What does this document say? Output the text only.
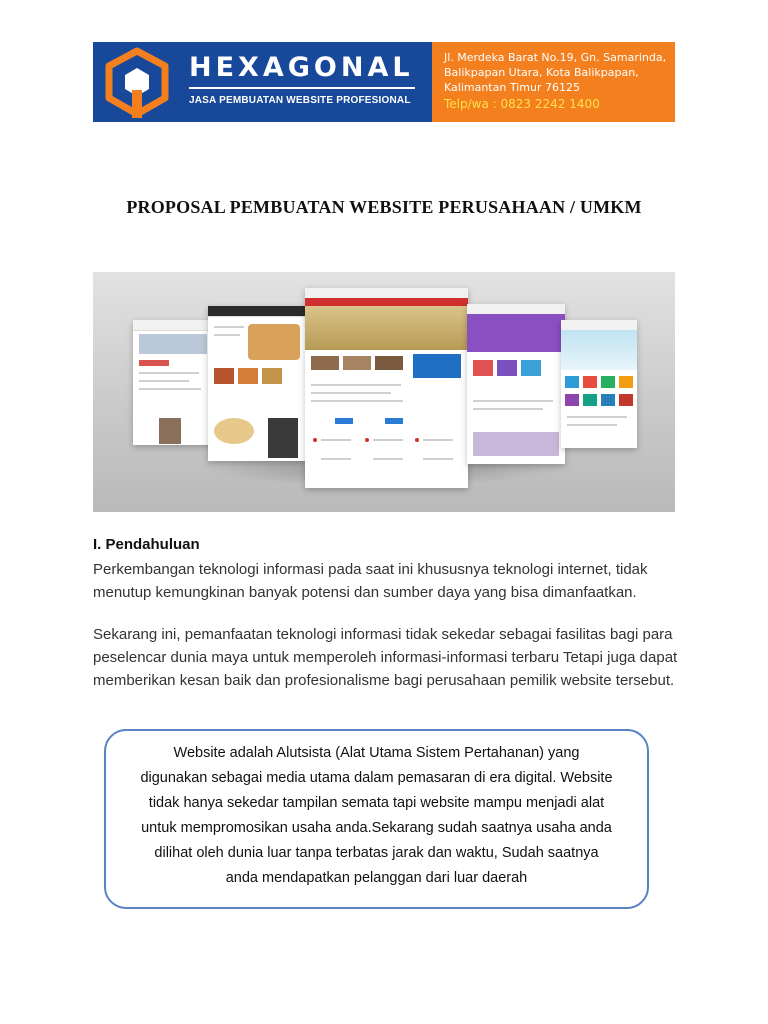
HEXAGONAL
JASA PEMBUATAN WEBSITE PROFESIONAL
Jl. Merdeka Barat No.19, Gn. Samarinda,
Balikpapan Utara, Kota Balikpapan,
Kalimantan Timur 76125
Telp/wa : 0823 2242 1400
PROPOSAL PEMBUATAN WEBSITE PERUSAHAAN / UMKM
I. Pendahuluan

Perkembangan teknologi informasi pada saat ini khususnya teknologi internet, tidak menutup kemungkinan banyak potensi dan sumber daya yang bisa dimanfaatkan.

Sekarang ini, pemanfaatan teknologi informasi tidak sekedar sebagai fasilitas bagi para peselencar dunia maya untuk memperoleh informasi-informasi terbaru Tetapi juga dapat memberikan kesan baik dan profesionalisme bagi perusahaan pemilik website tersebut.

Website adalah Alutsista (Alat Utama Sistem Pertahanan) yang

digunakan sebagai media utama dalam pemasaran di era digital. Website

tidak hanya sekedar tampilan semata tapi website mampu menjadi alat

untuk mempromosikan usaha anda.Sekarang sudah saatnya usaha anda

dilihat oleh dunia luar tanpa terbatas jarak dan waktu, Sudah saatnya

anda mendapatkan pelanggan dari luar daerah
